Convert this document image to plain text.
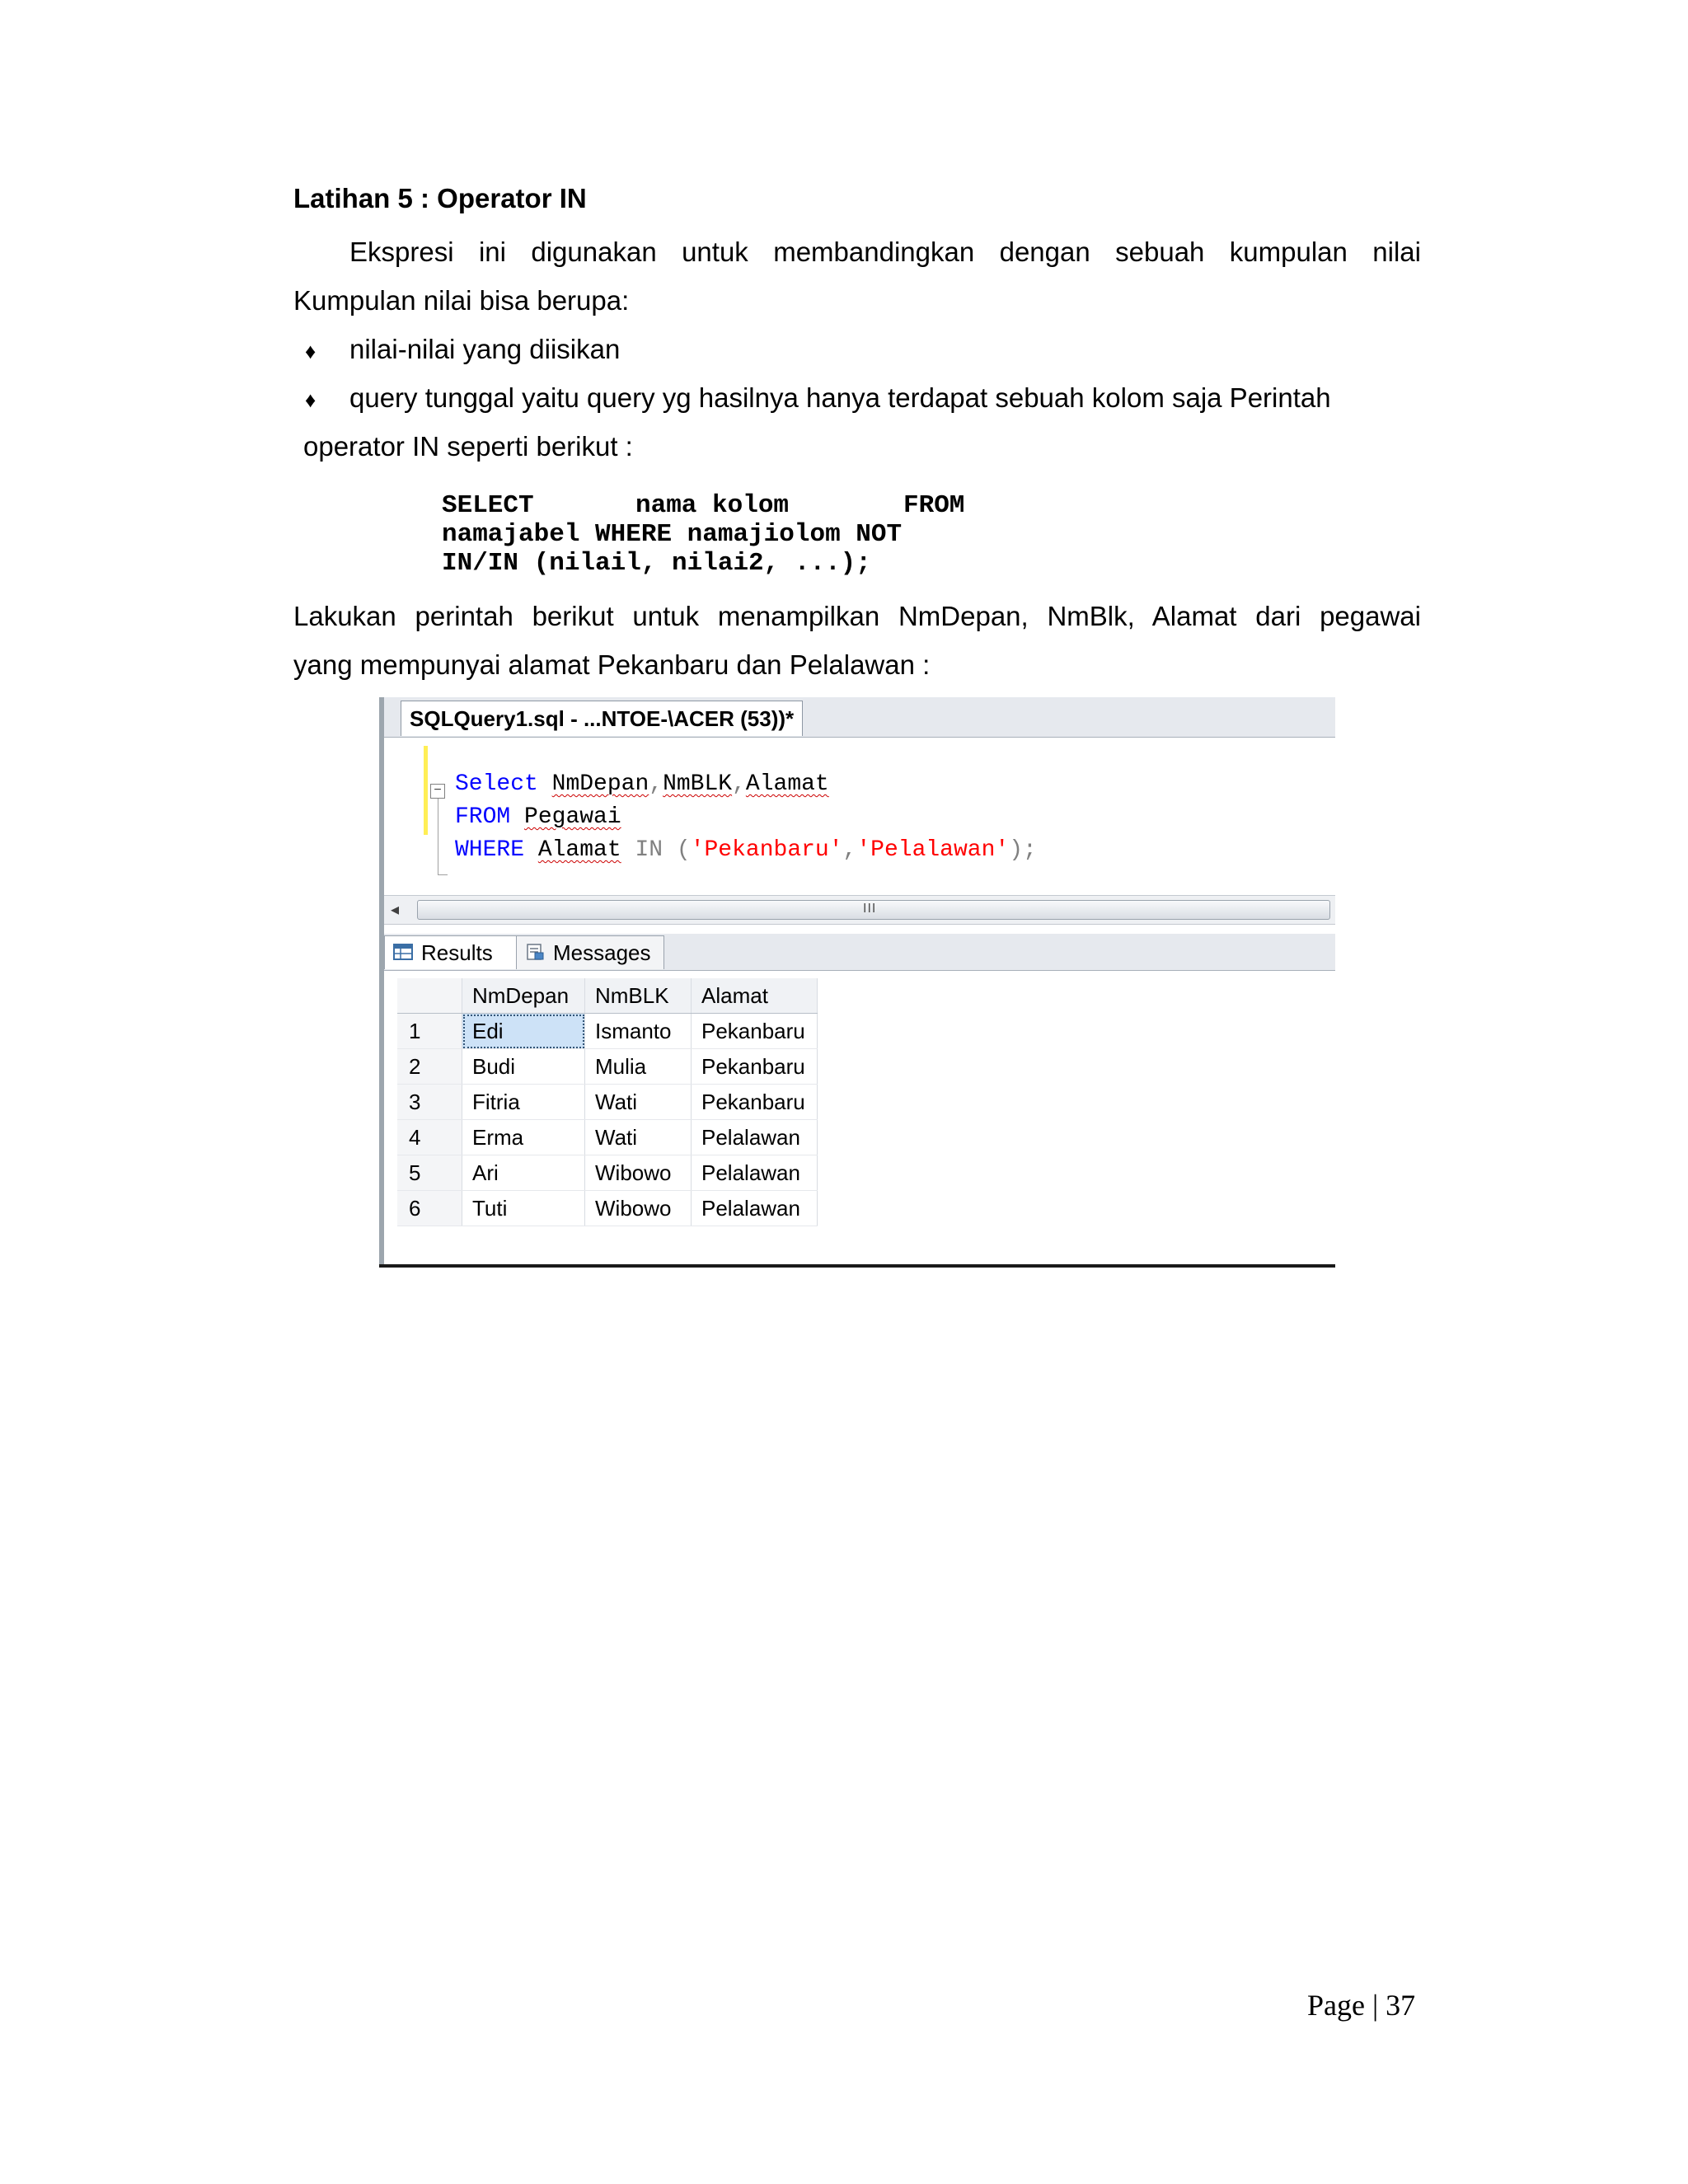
Latihan 5 : Operator IN
Ekspresi ini digunakan untuk membandingkan dengan sebuah kumpulan nilai
Kumpulan nilai bisa berupa:
♦ nilai-nilai yang diisikan
♦ query tunggal yaitu query yg hasilnya hanya terdapat sebuah kolom saja Perintah
operator IN seperti berikut :
SELECT	nama kolom	FROM
namajabel
WHERE
namajiolom NOT
IN/IN (nilail, nilai2, ...);
Lakukan perintah berikut untuk menampilkan NmDepan, NmBlk, Alamat dari pegawai
yang mempunyai alamat Pekanbaru dan Pelalawan :
SQLQuery1.sql - ...NTOE-\ACER (53))*
− Select NmDepan,NmBLK,Alamat
FROM Pegawai
WHERE Alamat IN ('Pekanbaru','Pelalawan');
◂	III
Results	Messages
	NmDepan	NmBLK	Alamat
1	Edi	Ismanto	Pekanbaru
2	Budi	Mulia	Pekanbaru
3	Fitria	Wati	Pekanbaru
4	Erma	Wati	Pelalawan
5	Ari	Wibowo	Pelalawan
6	Tuti	Wibowo	Pelalawan
Page | 37
